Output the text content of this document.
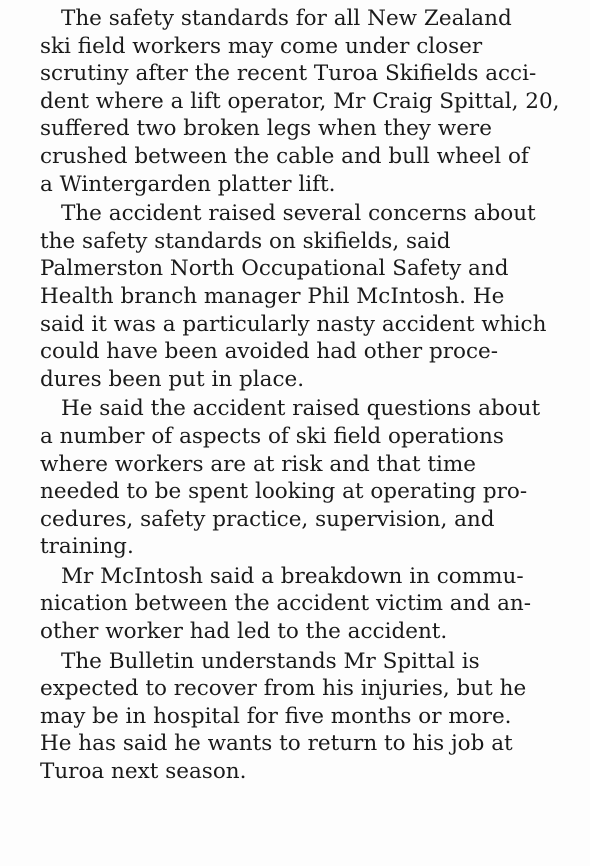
The safety standards for all New Zealand
ski field workers may come under closer
scrutiny after the recent Turoa Skifields acci-
dent where a lift operator, Mr Craig Spittal, 20,
suffered two broken legs when they were
crushed between the cable and bull wheel of
a Wintergarden platter lift.

The accident raised several concerns about
the safety standards on skifields, said
Palmerston North Occupational Safety and
Health branch manager Phil McIntosh. He
said it was a particularly nasty accident which
could have been avoided had other proce-
dures been put in place.

He said the accident raised questions about
a number of aspects of ski field operations
where workers are at risk and that time
needed to be spent looking at operating pro-
cedures, safety practice, supervision, and
training.

Mr McIntosh said a breakdown in commu-
nication between the accident victim and an-
other worker had led to the accident.

The Bulletin understands Mr Spittal is
expected to recover from his injuries, but he
may be in hospital for five months or more.
He has said he wants to return to his job at
Turoa next season.
